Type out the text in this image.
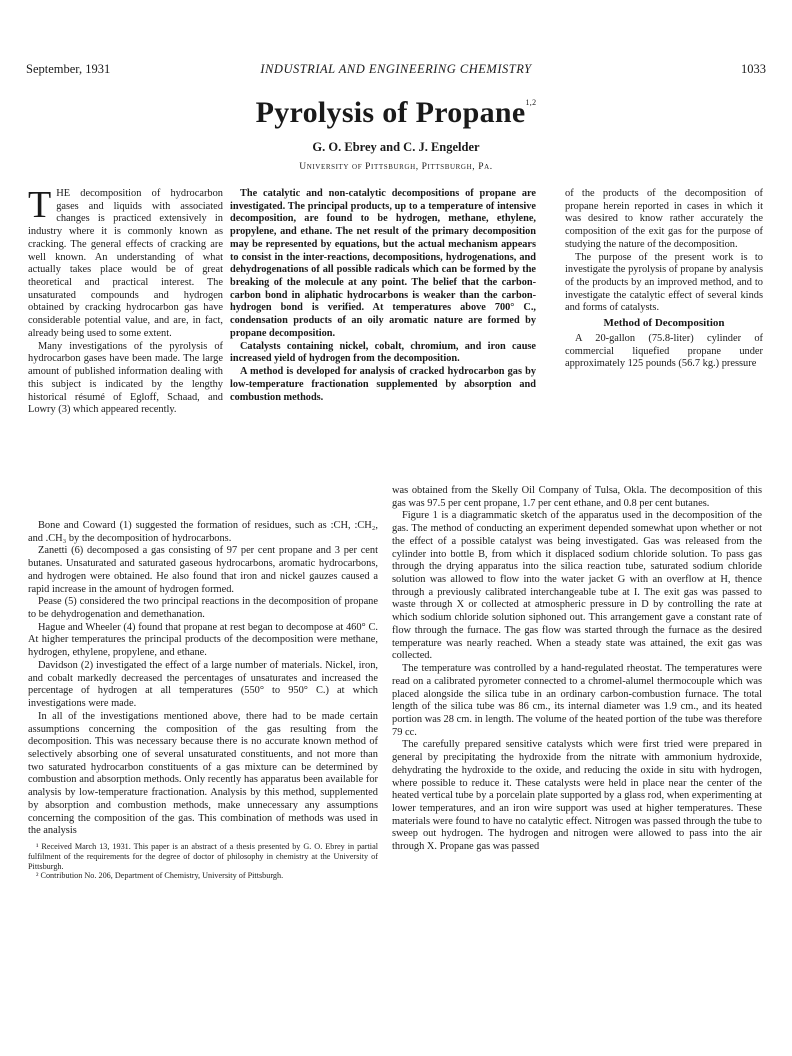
September, 1931	INDUSTRIAL AND ENGINEERING CHEMISTRY	1033
Pyrolysis of Propane$^{1,2}$
G. O. Ebrey and C. J. Engelder
University of Pittsburgh, Pittsburgh, Pa.

THE decomposition of hydrocarbon gases and liquids with associated changes is practiced extensively in industry where it is commonly known as cracking. The general effects of cracking are well known. An understanding of what actually takes place would be of great theoretical and practical interest. The unsaturated compounds and hydrogen obtained by cracking hydrocarbon gas have considerable potential value, and are, in fact, already being used to some extent.

Many investigations of the pyrolysis of hydrocarbon gases have been made. The large amount of published information dealing with this subject is indicated by the lengthy historical résumé of Egloff, Schaad, and Lowry (3) which appeared recently.

The catalytic and non-catalytic decompositions of propane are investigated. The principal products, up to a temperature of intensive decomposition, are found to be hydrogen, methane, ethylene, propylene, and ethane. The net result of the primary decomposition may be represented by equations, but the actual mechanism appears to consist in the inter-reactions, decompositions, hydrogenations, and dehydrogenations of all possible radicals which can be formed by the breaking of the molecule at any point. The belief that the carbon-carbon bond in aliphatic hydrocarbons is weaker than the carbon-hydrogen bond is verified. At temperatures above 700° C., condensation products of an oily aromatic nature are formed by propane decomposition.

Catalysts containing nickel, cobalt, chromium, and iron cause increased yield of hydrogen from the decomposition.

A method is developed for analysis of cracked hydrocarbon gas by low-temperature fractionation supplemented by absorption and combustion methods.

Bone and Coward (1) suggested the formation of residues, such as :CH, :CH₂, and .CH₃ by the decomposition of hydrocarbons.

Zanetti (6) decomposed a gas consisting of 97 per cent propane and 3 per cent butanes. Unsaturated and saturated gaseous hydrocarbons, aromatic hydrocarbons, and hydrogen were obtained. He also found that iron and nickel gauzes caused a rapid increase in the amount of hydrogen formed.

Pease (5) considered the two principal reactions in the decomposition of propane to be dehydrogenation and demethanation.

Hague and Wheeler (4) found that propane at rest began to decompose at 460° C. At higher temperatures the principal products of the decomposition were methane, hydrogen, ethylene, propylene, and ethane.

Davidson (2) investigated the effect of a large number of materials. Nickel, iron, and cobalt markedly decreased the percentages of unsaturates and increased the percentage of hydrogen at all temperatures (550° to 950° C.) at which investigations were made.

In all of the investigations mentioned above, there had to be made certain assumptions concerning the composition of the gas resulting from the decomposition. This was necessary because there is no accurate known method of selectively absorbing one of several unsaturated constituents, and not more than two saturated hydrocarbon constituents of a gas mixture can be determined by combustion and absorption methods. Only recently has apparatus been available for analysis by low-temperature fractionation. Analysis by this method, supplemented by absorption and combustion methods, make unnecessary any assumptions concerning the composition of the gas. This combination of methods was used in the analysis

¹ Received March 13, 1931. This paper is an abstract of a thesis presented by G. O. Ebrey in partial fulfilment of the requirements for the degree of doctor of philosophy in chemistry at the University of Pittsburgh.

² Contribution No. 206, Department of Chemistry, University of Pittsburgh.

of the products of the decomposition of propane herein reported in cases in which it was desired to know rather accurately the composition of the exit gas for the purpose of studying the nature of the decomposition.

The purpose of the present work is to investigate the pyrolysis of propane by analysis of the products by an improved method, and to investigate the catalytic effect of several kinds and forms of catalysts.

Method of Decomposition

A 20-gallon (75.8-liter) cylinder of commercial liquefied propane under approximately 125 pounds (56.7 kg.) pressure

was obtained from the Skelly Oil Company of Tulsa, Okla. The decomposition of this gas was 97.5 per cent propane, 1.7 per cent ethane, and 0.8 per cent butanes.

Figure 1 is a diagrammatic sketch of the apparatus used in the decomposition of the gas. The method of conducting an experiment depended somewhat upon whether or not the effect of a possible catalyst was being investigated. Gas was released from the cylinder into bottle B, from which it displaced sodium chloride solution. To pass gas through the drying apparatus into the silica reaction tube, saturated sodium chloride solution was allowed to flow into the water jacket G with an overflow at H, thence through a previously calibrated interchangeable tube at I. The exit gas was passed to waste through X or collected at atmospheric pressure in D by controlling the rate at which sodium chloride solution siphoned out. This arrangement gave a constant rate of flow through the furnace. The gas flow was started through the furnace as the desired temperature was nearly reached. When a steady state was attained, the exit gas was collected.

The temperature was controlled by a hand-regulated rheostat. The temperatures were read on a calibrated pyrometer connected to a chromel-alumel thermocouple which was placed alongside the silica tube in an ordinary carbon-combustion furnace. The total length of the silica tube was 86 cm., its internal diameter was 1.9 cm., and its heated portion was 28 cm. in length. The volume of the heated portion of the tube was therefore 79 cc.

The carefully prepared sensitive catalysts which were first tried were prepared in general by precipitating the hydroxide from the nitrate with ammonium hydroxide, dehydrating the hydroxide to the oxide, and reducing the oxide in situ with hydrogen, where possible to reduce it. These catalysts were held in place near the center of the heated vertical tube by a porcelain plate supported by a glass rod, when experimenting at lower temperatures, and an iron wire support was used at higher temperatures. These materials were found to have no catalytic effect. Nitrogen was passed through the tube to sweep out hydrogen. The hydrogen and nitrogen were allowed to pass into the air through X. Propane gas was passed
